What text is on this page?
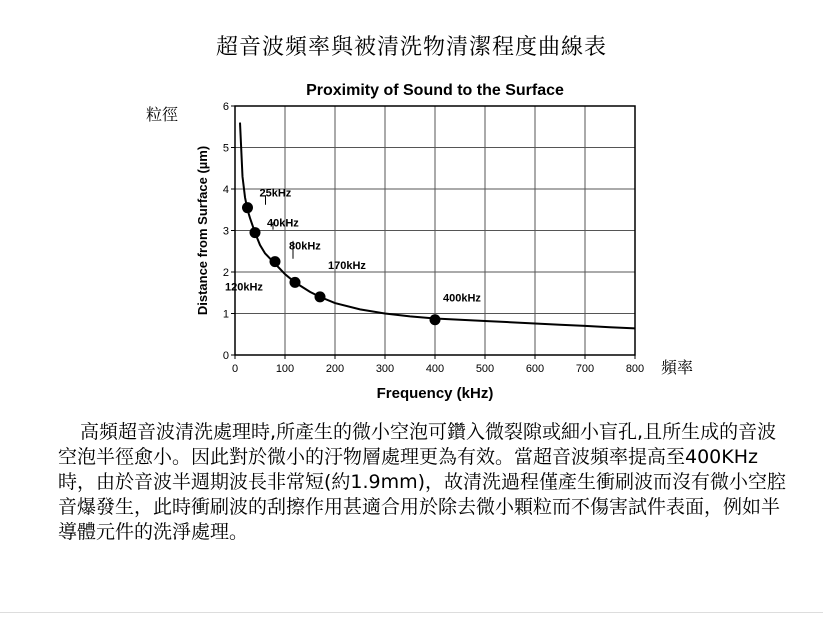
超音波頻率與被清洗物清潔程度曲線表
粒徑
頻率
Proximity of Sound to the Surface
0	100	200	300	400	500	600	700	800
0
1
2
3
4
5
6
Frequency (kHz)
Distance from Surface (µm)	25kHz
40kHz
80kHz
120kHz
170kHz
400kHz
高頻超音波清洗處理時,所產生的微小空泡可鑽入微裂隙或細小盲孔,且所生成的音波空泡半徑愈小。因此對於微小的汙物層處理更為有效。當超音波頻率提高至400KHz 時，由於音波半週期波長非常短(約1.9mm)，故清洗過程僅產生衝刷波而沒有微小空腔音爆發生，此時衝刷波的刮擦作用甚適合用於除去微小顆粒而不傷害試件表面，例如半導體元件的洗淨處理。
